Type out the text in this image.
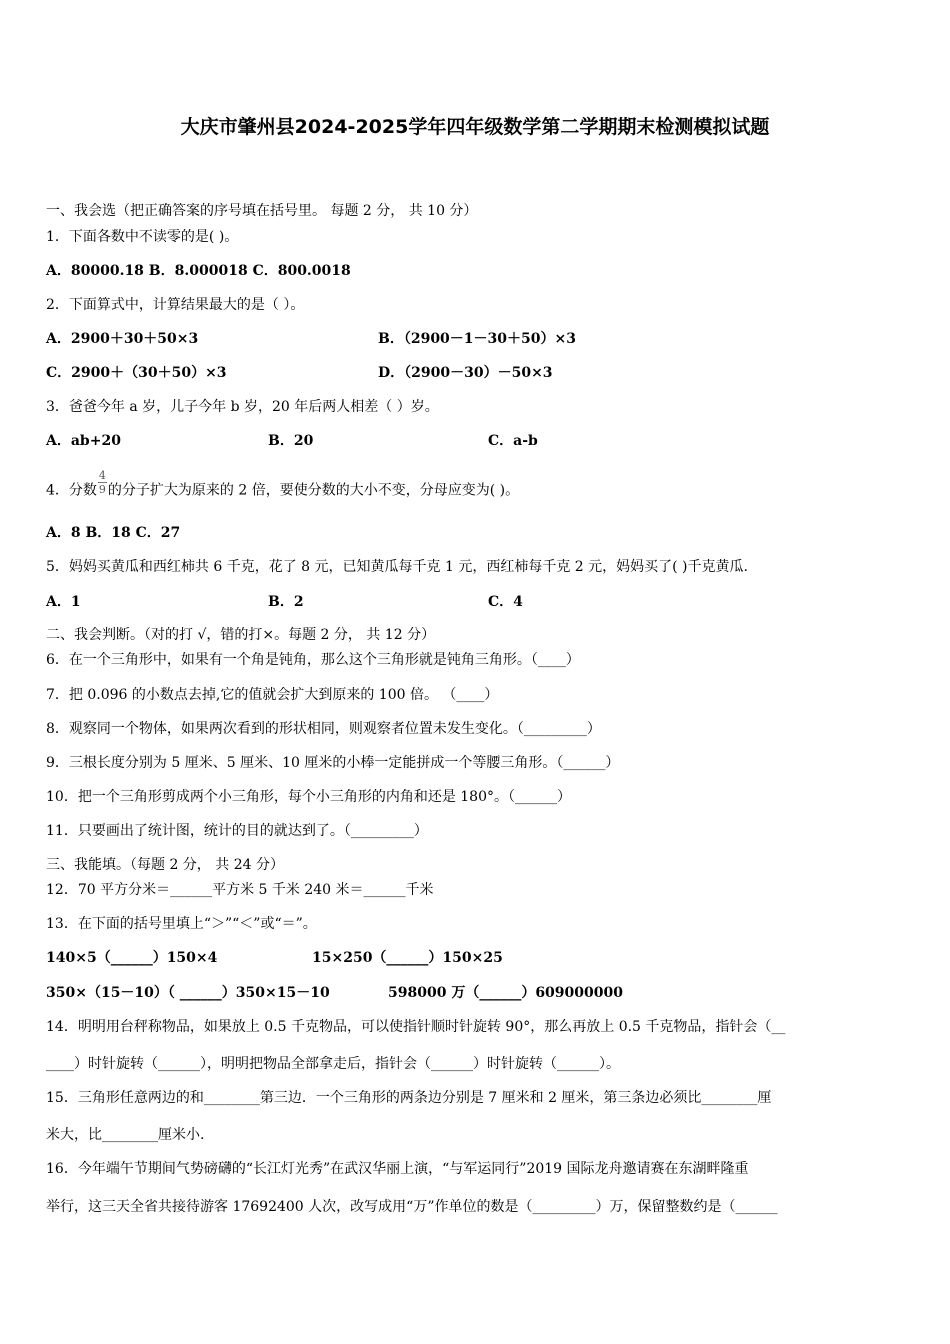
大庆市肇州县2024-2025学年四年级数学第二学期期末检测模拟试题
一、我会选（把正确答案的序号填在括号里。 每题 2 分， 共 10 分）
1．下面各数中不读零的是( )。
A．80000.18 B．8.000018 C．800.0018
2．下面算式中，计算结果最大的是（ ）。
A．2900＋30＋50×3	B．（2900－1－30＋50）×3
C．2900＋（30＋50）×3	D．（2900－30）－50×3
3．爸爸今年 a 岁，儿子今年 b 岁，20 年后两人相差（ ）岁。
A．ab+20	B．20	C．a-b
4．分数 $\frac{4}{9}$ 的分子扩大为原来的 2 倍，要使分数的大小不变，分母应变为( )。
A．8 B．18 C．27
5．妈妈买黄瓜和西红柿共 6 千克，花了 8 元，已知黄瓜每千克 1 元，西红柿每千克 2 元，妈妈买了( )千克黄瓜.
A．1	B．2	C．4
二、我会判断。（对的打 √，错的打×。每题 2 分， 共 12 分）
6．在一个三角形中，如果有一个角是钝角，那么这个三角形就是钝角三角形。（____）
7．把 0.096 的小数点去掉,它的值就会扩大到原来的 100 倍。 （____）
8．观察同一个物体，如果两次看到的形状相同，则观察者位置未发生变化。（_________）
9．三根长度分别为 5 厘米、5 厘米、10 厘米的小棒一定能拼成一个等腰三角形。（______）
10．把一个三角形剪成两个小三角形，每个小三角形的内角和还是 180°。（______）
11．只要画出了统计图，统计的目的就达到了。（_________）
三、我能填。（每题 2 分， 共 24 分）
12．70 平方分米＝______平方米 5 千米 240 米＝______千米
13．在下面的括号里填上“＞”“＜”或“＝”。
140×5（______）150×4	15×250（______）150×25
350×（15－10）（ ______）350×15－10	598000 万（______）609000000
14．明明用台秤称物品，如果放上 0.5 千克物品，可以使指针顺时针旋转 90°，那么再放上 0.5 千克物品，指针会（__
____）时针旋转（______），明明把物品全部拿走后，指针会（______）时针旋转（______）。
15．三角形任意两边的和________第三边．一个三角形的两条边分别是 7 厘米和 2 厘米，第三条边必须比________厘
米大，比________厘米小.
16．今年端午节期间气势磅礴的“长江灯光秀”在武汉华丽上演，“与军运同行”2019 国际龙舟邀请赛在东湖畔隆重
举行，这三天全省共接待游客 17692400 人次，改写成用“万”作单位的数是（_________）万，保留整数约是（______
